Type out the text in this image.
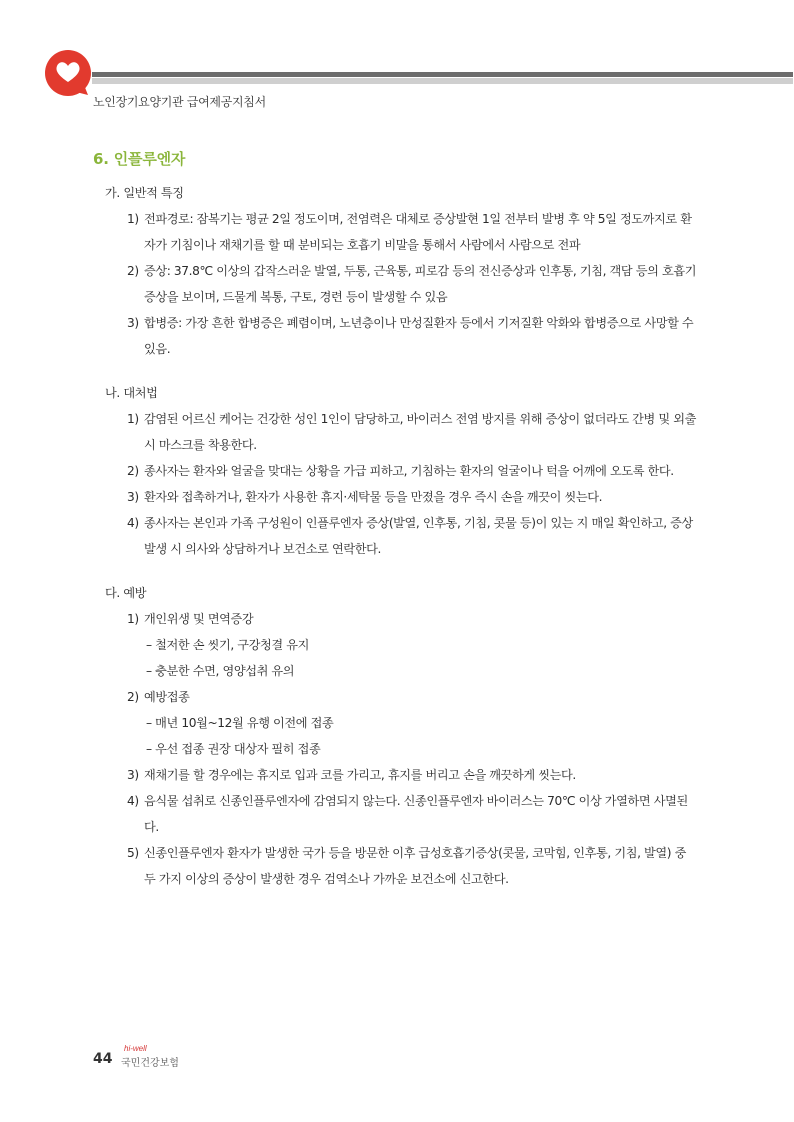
노인장기요양기관 급여제공지침서
6. 인플루엔자

가. 일반적 특징

1) 전파경로: 잠복기는 평균 2일 정도이며, 전염력은 대체로 증상발현 1일 전부터 발병 후 약 5일 정도까지로 환자가 기침이나 재채기를 할 때 분비되는 호흡기 비말을 통해서 사람에서 사람으로 전파
2) 증상: 37.8℃ 이상의 갑작스러운 발열, 두통, 근육통, 피로감 등의 전신증상과 인후통, 기침, 객담 등의 호흡기 증상을 보이며, 드물게 복통, 구토, 경련 등이 발생할 수 있음
3) 합병증: 가장 흔한 합병증은 폐렴이며, 노년층이나 만성질환자 등에서 기저질환 악화와 합병증으로 사망할 수 있음.

나. 대처법

1) 감염된 어르신 케어는 건강한 성인 1인이 담당하고, 바이러스 전염 방지를 위해 증상이 없더라도 간병 및 외출 시 마스크를 착용한다.
2) 종사자는 환자와 얼굴을 맞대는 상황을 가급 피하고, 기침하는 환자의 얼굴이나 턱을 어깨에 오도록 한다.
3) 환자와 접촉하거나, 환자가 사용한 휴지·세탁물 등을 만졌을 경우 즉시 손을 깨끗이 씻는다.
4) 종사자는 본인과 가족 구성원이 인플루엔자 증상(발열, 인후통, 기침, 콧물 등)이 있는 지 매일 확인하고, 증상 발생 시 의사와 상담하거나 보건소로 연락한다.

다. 예방

1) 개인위생 및 면역증강

– 철저한 손 씻기, 구강청결 유지

– 충분한 수면, 영양섭취 유의

2) 예방접종

– 매년 10월~12월 유행 이전에 접종

– 우선 접종 권장 대상자 필히 접종

3) 재채기를 할 경우에는 휴지로 입과 코를 가리고, 휴지를 버리고 손을 깨끗하게 씻는다.
4) 음식물 섭취로 신종인플루엔자에 감염되지 않는다. 신종인플루엔자 바이러스는 70℃ 이상 가열하면 사멸된다.
5) 신종인플루엔자 환자가 발생한 국가 등을 방문한 이후 급성호흡기증상(콧물, 코막힘, 인후통, 기침, 발열) 중 두 가지 이상의 증상이 발생한 경우 검역소나 가까운 보건소에 신고한다.
44
hi-well
국민건강보험
